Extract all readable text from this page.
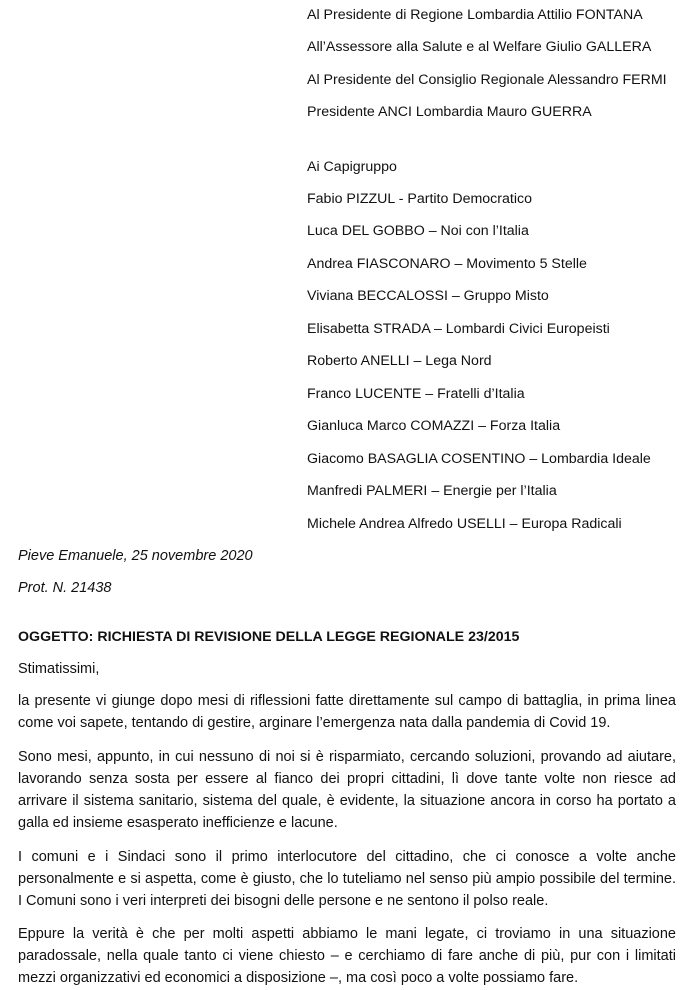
Al Presidente di Regione Lombardia Attilio FONTANA
All’Assessore alla Salute e al Welfare Giulio GALLERA
Al Presidente del Consiglio Regionale Alessandro FERMI
Presidente ANCI Lombardia Mauro GUERRA
Ai Capigruppo
Fabio PIZZUL - Partito Democratico
Luca DEL GOBBO – Noi con l’Italia
Andrea FIASCONARO – Movimento 5 Stelle
Viviana BECCALOSSI – Gruppo Misto
Elisabetta STRADA – Lombardi Civici Europeisti
Roberto ANELLI – Lega Nord
Franco LUCENTE – Fratelli d’Italia
Gianluca Marco COMAZZI – Forza Italia
Giacomo BASAGLIA COSENTINO – Lombardia Ideale
Manfredi PALMERI – Energie per l’Italia
Michele Andrea Alfredo USELLI – Europa Radicali
Pieve Emanuele, 25 novembre 2020
Prot. N. 21438
OGGETTO: RICHIESTA DI REVISIONE DELLA LEGGE REGIONALE 23/2015
Stimatissimi,
la presente vi giunge dopo mesi di riflessioni fatte direttamente sul campo di battaglia, in prima linea come voi sapete, tentando di gestire, arginare l’emergenza nata dalla pandemia di Covid 19.
Sono mesi, appunto, in cui nessuno di noi si è risparmiato, cercando soluzioni, provando ad aiutare, lavorando senza sosta per essere al fianco dei propri cittadini, lì dove tante volte non riesce ad arrivare il sistema sanitario, sistema del quale, è evidente, la situazione ancora in corso ha portato a galla ed insieme esasperato inefficienze e lacune.
I comuni e i Sindaci sono il primo interlocutore del cittadino, che ci conosce a volte anche personalmente e si aspetta, come è giusto, che lo tuteliamo nel senso più ampio possibile del termine. I Comuni sono i veri interpreti dei bisogni delle persone e ne sentono il polso reale.
Eppure la verità è che per molti aspetti abbiamo le mani legate, ci troviamo in una situazione paradossale, nella quale tanto ci viene chiesto – e cerchiamo di fare anche di più, pur con i limitati mezzi organizzativi ed economici a disposizione –, ma così poco a volte possiamo fare.
